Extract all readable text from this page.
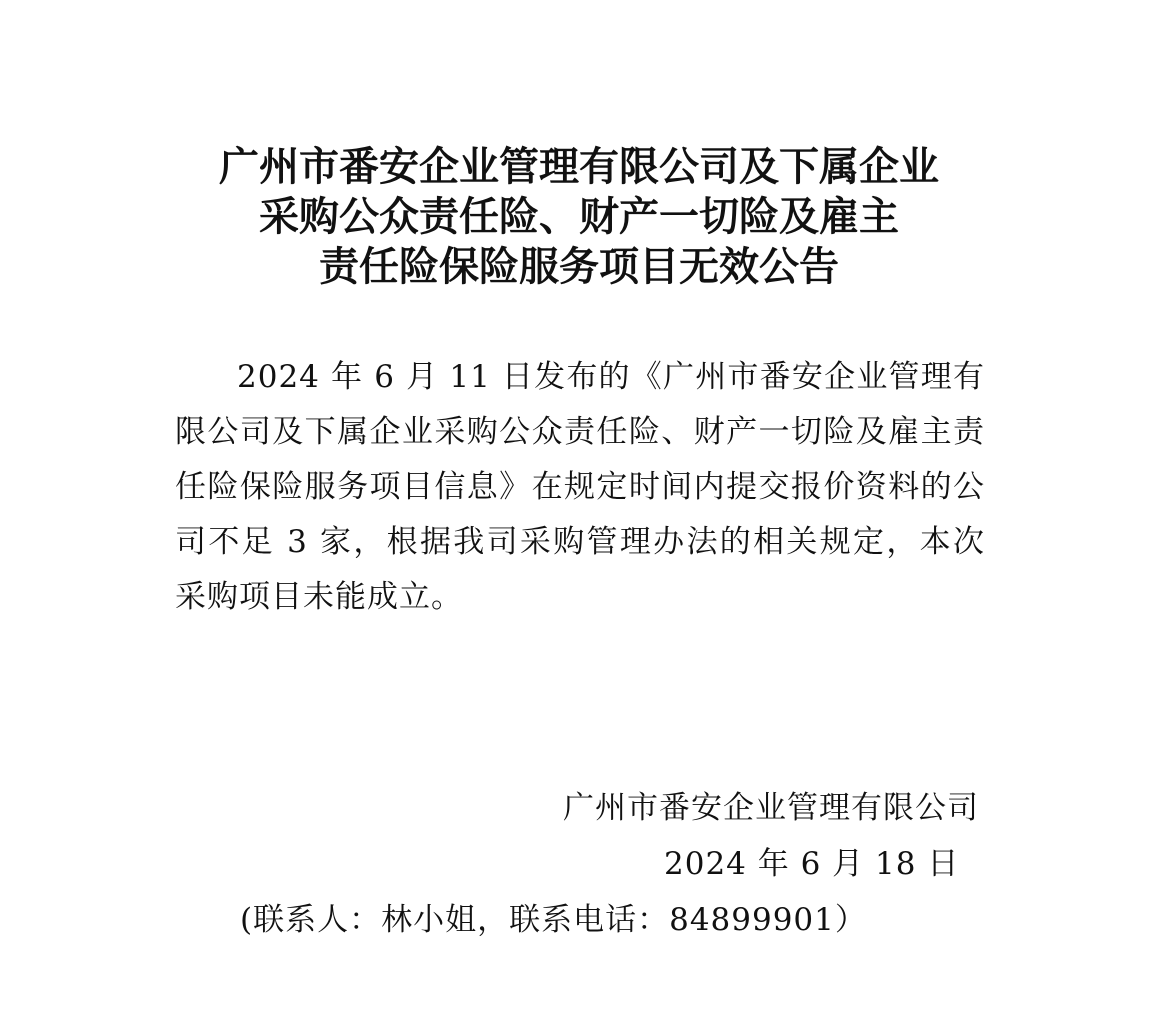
广州市番安企业管理有限公司及下属企业
采购公众责任险、财产一切险及雇主
责任险保险服务项目无效公告
2024 年 6 月 11 日发布的《广州市番安企业管理有限公司及下属企业采购公众责任险、财产一切险及雇主责任险保险服务项目信息》在规定时间内提交报价资料的公司不足 3 家，根据我司采购管理办法的相关规定，本次采购项目未能成立。
广州市番安企业管理有限公司
2024 年 6 月 18 日
(联系人：林小姐，联系电话：84899901）
